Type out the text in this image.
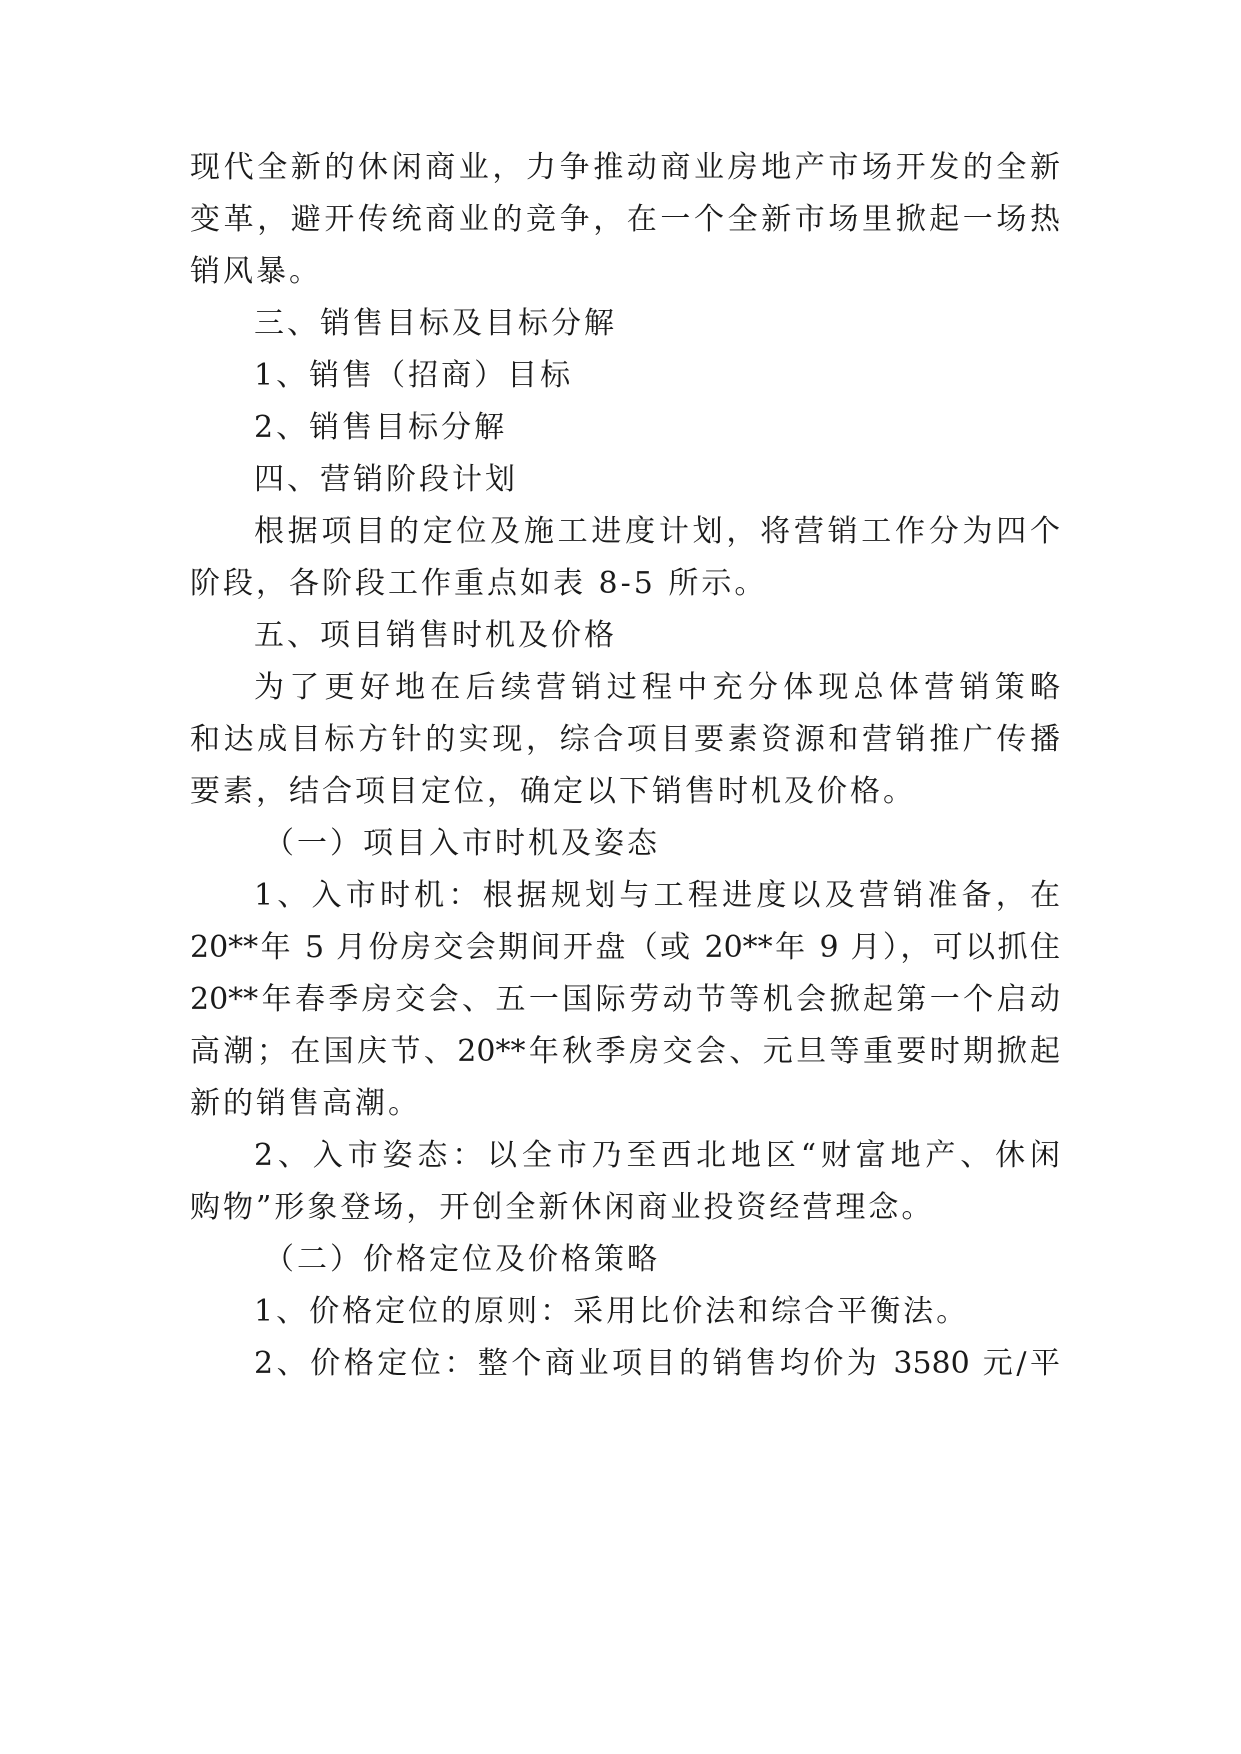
现代全新的休闲商业，力争推动商业房地产市场开发的全新
变革，避开传统商业的竞争，在一个全新市场里掀起一场热
销风暴。
三、销售目标及目标分解
1、销售（招商）目标
2、销售目标分解
四、营销阶段计划
根据项目的定位及施工进度计划，将营销工作分为四个
阶段，各阶段工作重点如表 8-5 所示。
五、项目销售时机及价格
为了更好地在后续营销过程中充分体现总体营销策略
和达成目标方针的实现，综合项目要素资源和营销推广传播
要素，结合项目定位，确定以下销售时机及价格。
（一）项目入市时机及姿态
1、入市时机：根据规划与工程进度以及营销准备，在
20**年 5 月份房交会期间开盘（或 20**年 9 月），可以抓住
20**年春季房交会、五一国际劳动节等机会掀起第一个启动
高潮；在国庆节、20**年秋季房交会、元旦等重要时期掀起
新的销售高潮。
2、入市姿态：以全市乃至西北地区“财富地产、休闲
购物”形象登场，开创全新休闲商业投资经营理念。
（二）价格定位及价格策略
1、价格定位的原则：采用比价法和综合平衡法。
2、价格定位：整个商业项目的销售均价为 3580 元/平
